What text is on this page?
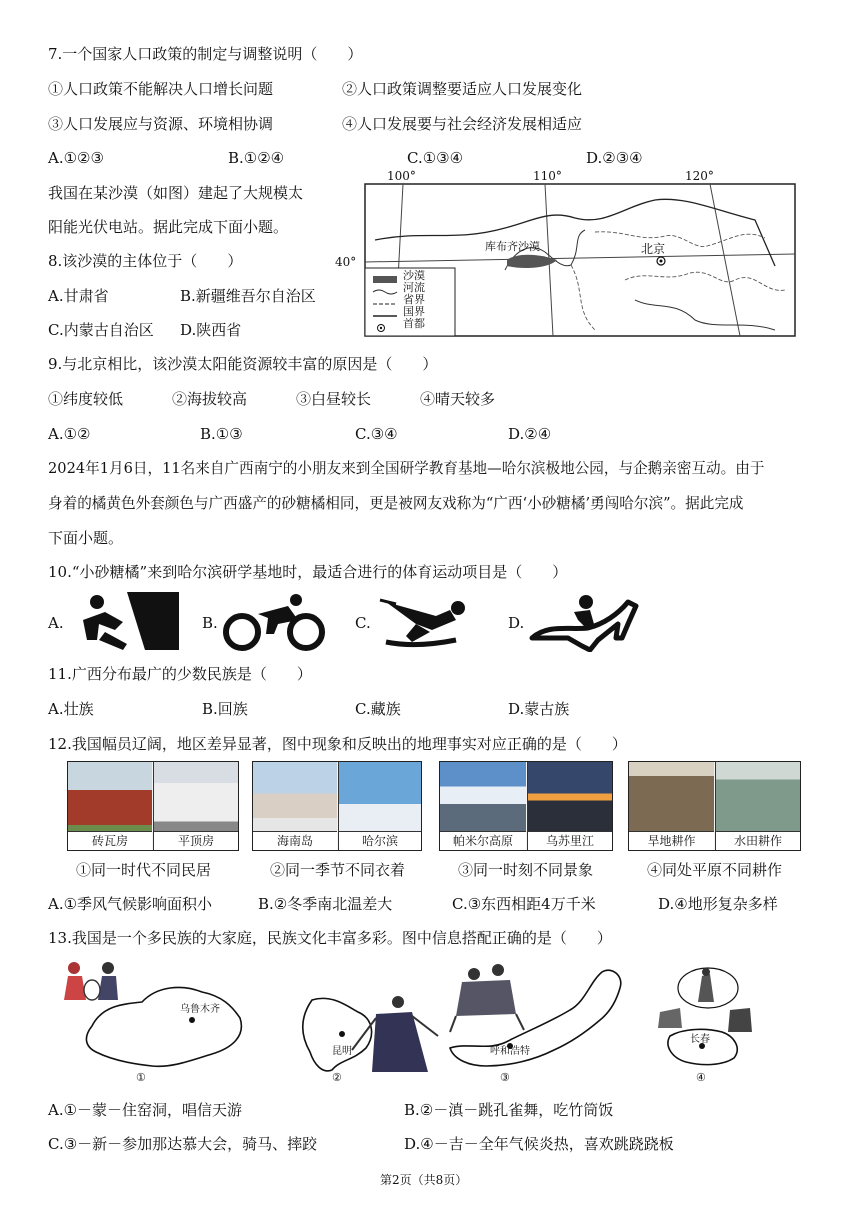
7.一个国家人口政策的制定与调整说明（　　）
①人口政策不能解决人口增长问题	②人口政策调整要适应人口发展变化
③人口发展应与资源、环境相协调	④人口发展要与社会经济发展相适应
A.①②③	B.①②④	C.①③④	D.②③④
我国在某沙漠（如图）建起了大规模太
阳能光伏电站。据此完成下面小题。
100°	110°	120°
40°
库布齐沙漠	北京
沙漠
河流
省界
国界
首都
8.该沙漠的主体位于（　　）
A.甘肃省	B.新疆维吾尔自治区
C.内蒙古自治区 D.陕西省
9.与北京相比，该沙漠太阳能资源较丰富的原因是（　　）
①纬度较低	②海拔较高	③白昼较长	④晴天较多
A.①②	B.①③	C.③④	D.②④
2024年1月6日，11名来自广西南宁的小朋友来到全国研学教育基地—哈尔滨极地公园，与企鹅亲密互动。由于
身着的橘黄色外套颜色与广西盛产的砂糖橘相同，更是被网友戏称为“广西‘小砂糖橘’勇闯哈尔滨”。据此完成
下面小题。
10.“小砂糖橘”来到哈尔滨研学基地时，最适合进行的体育运动项目是（　　）
A.	B.	C.	D.
11.广西分布最广的少数民族是（　　）
A.壮族	B.回族	C.藏族	D.蒙古族
12.我国幅员辽阔，地区差异显著，图中现象和反映出的地理事实对应正确的是（　　）
砖瓦房	平顶房	海南岛	哈尔滨	帕米尔高原	乌苏里江	旱地耕作	水田耕作
①同一时代不同民居	②同一季节不同衣着	③同一时刻不同景象	④同处平原不同耕作
A.①季风气候影响面积小	B.②冬季南北温差大	C.③东西相距4万千米	D.④地形复杂多样
13.我国是一个多民族的大家庭，民族文化丰富多彩。图中信息搭配正确的是（　　）
乌鲁木齐
①
昆明
②
呼和浩特
③
长春
④
A.①－蒙－住窑洞，唱信天游	B.②－滇－跳孔雀舞，吃竹筒饭
C.③－新－参加那达慕大会，骑马、摔跤	D.④－吉－全年气候炎热，喜欢跳跷跷板
第2页（共8页）
